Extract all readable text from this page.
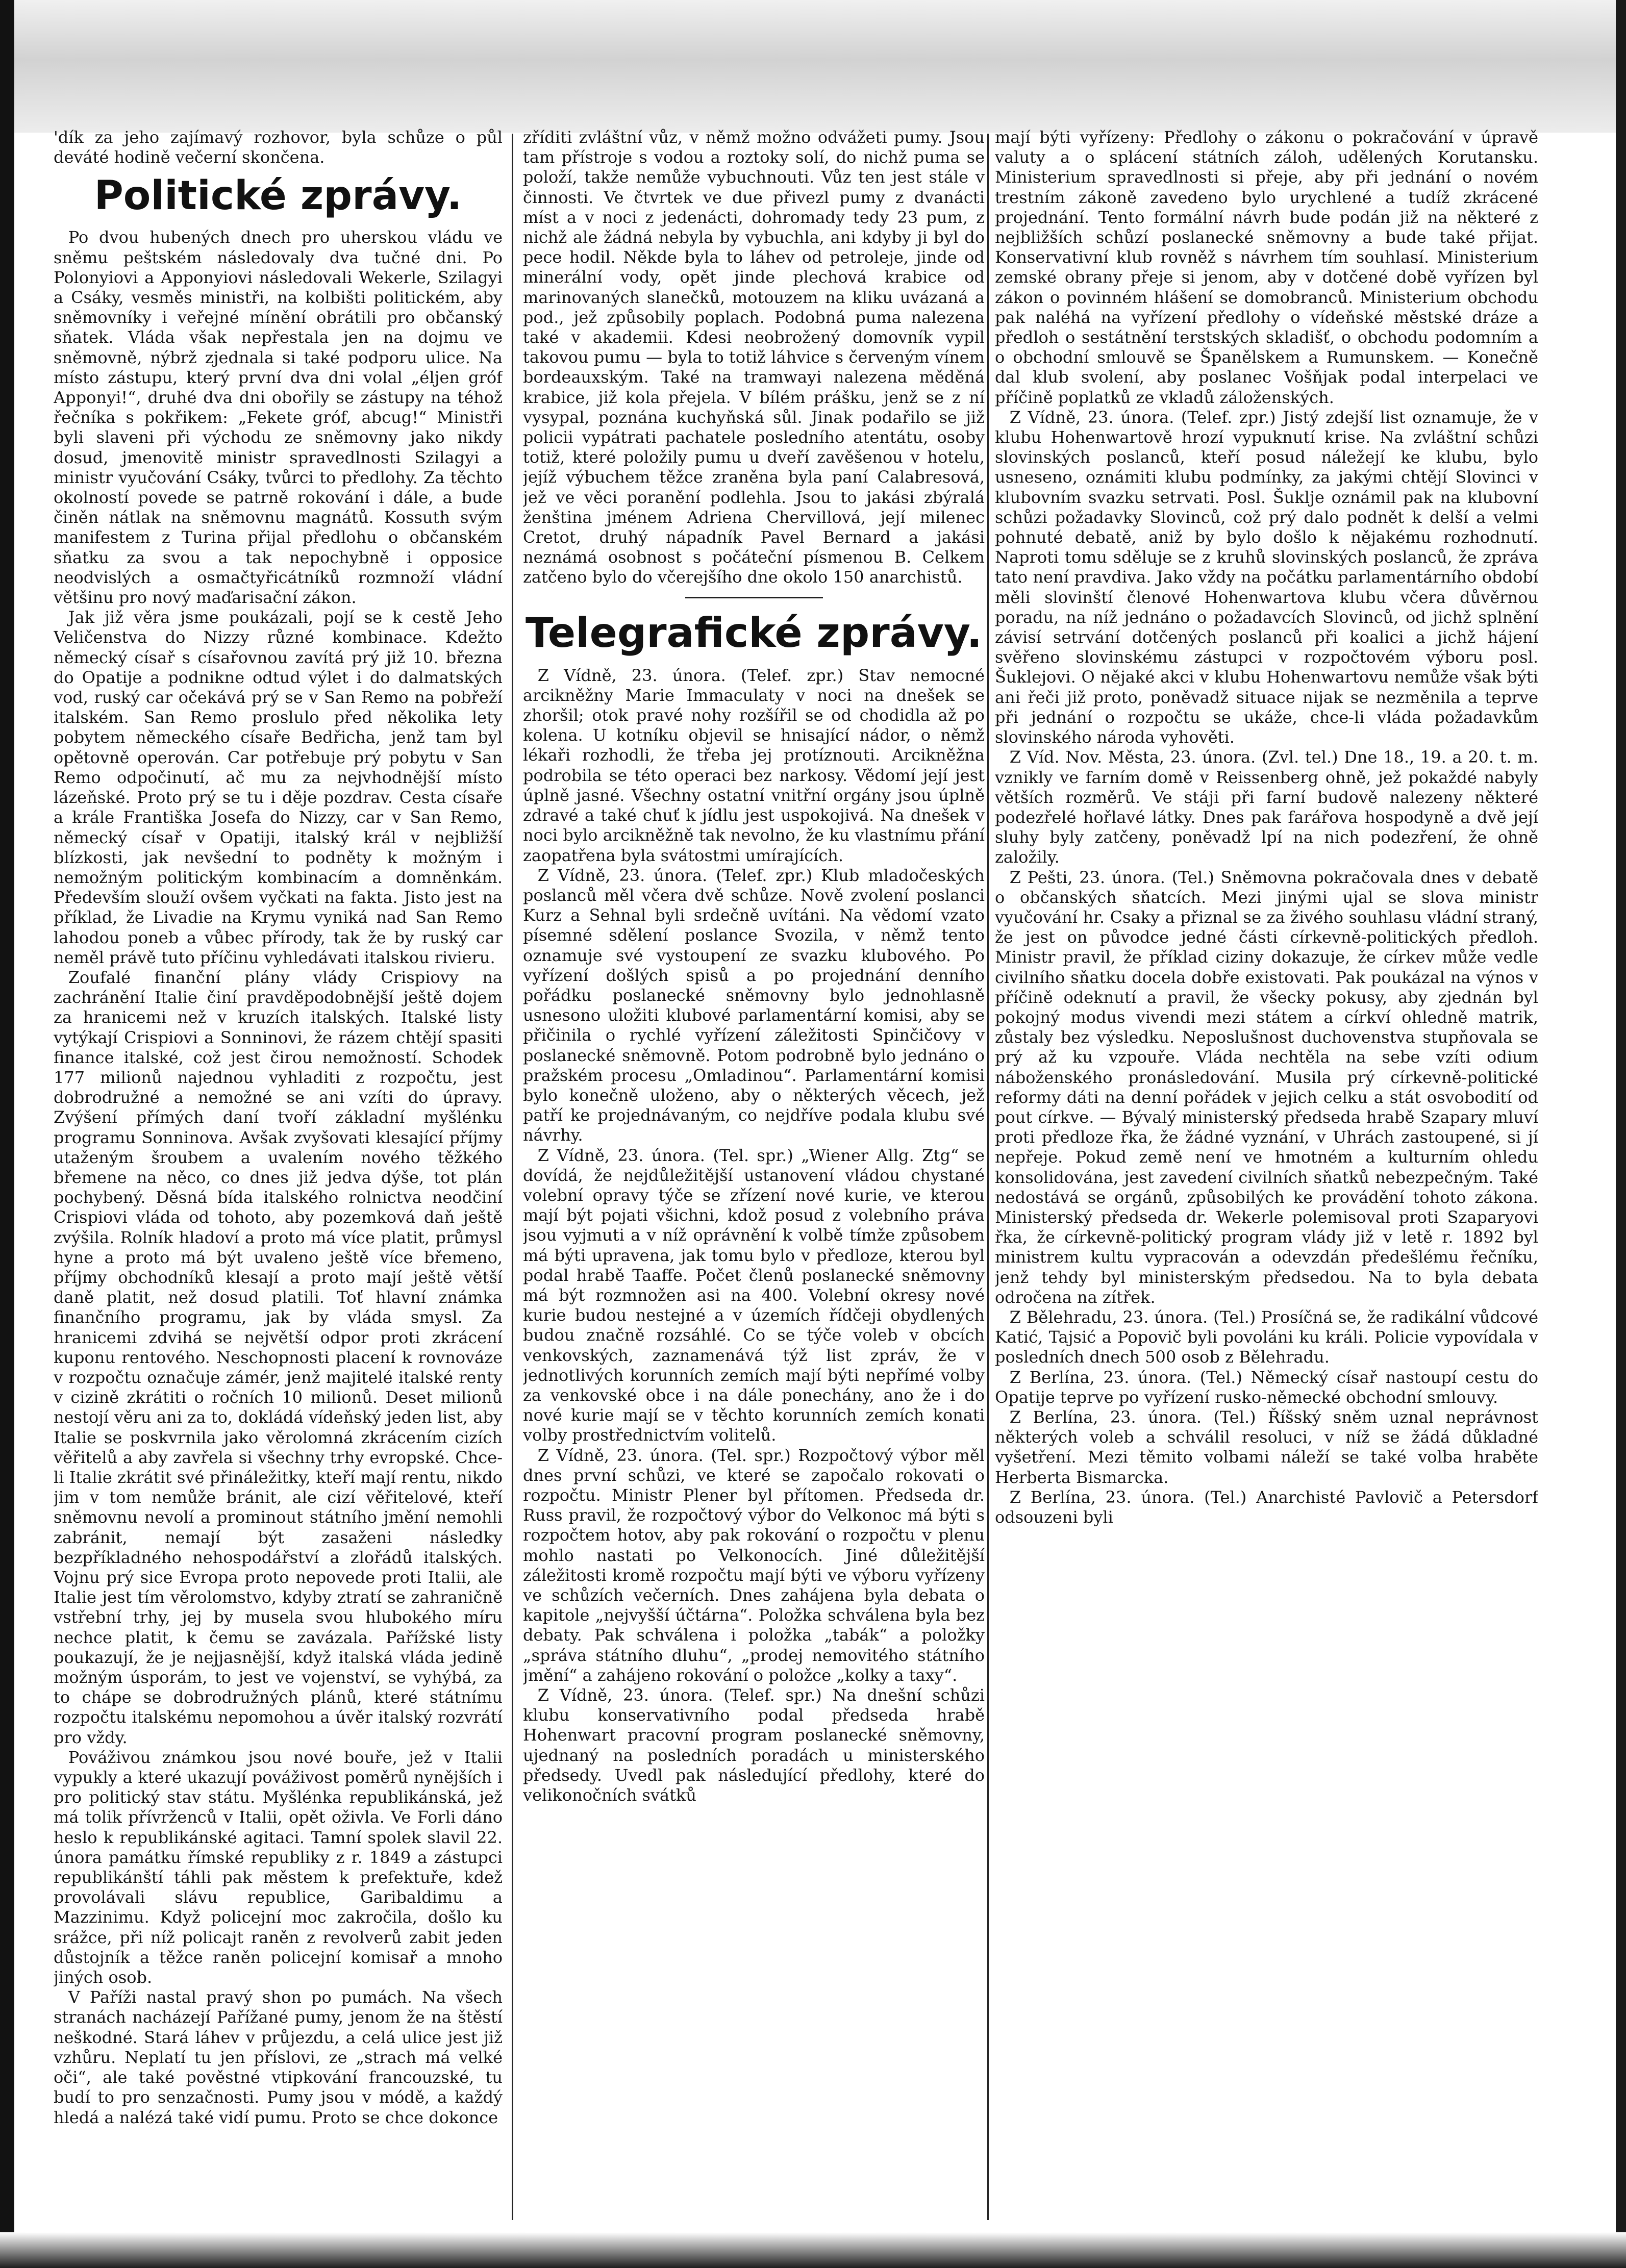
'dík za jeho zajímavý rozhovor, byla schůze o půl deváté hodině večerní skončena.

Politické zprávy.

Po dvou hubených dnech pro uherskou vládu ve sněmu peštském následovaly dva tučné dni. Po Polonyiovi a Apponyiovi následovali Wekerle, Szilagyi a Csáky, vesměs ministři, na kolbišti politickém, aby sněmovníky i veřejné mínění obrátili pro občanský sňatek. Vláda však nepřestala jen na dojmu ve sněmovně, nýbrž zjednala si také podporu ulice. Na místo zástupu, který první dva dni volal „éljen gróf Apponyi!“, druhé dva dni obořily se zástupy na téhož řečníka s pokřikem: „Fekete gróf, abcug!“ Ministři byli slaveni při východu ze sněmovny jako nikdy dosud, jmenovitě ministr spravedlnosti Szilagyi a ministr vyučování Csáky, tvůrci to předlohy. Za těchto okolností povede se patrně rokování i dále, a bude činěn nátlak na sněmovnu magnátů. Kossuth svým manifestem z Turina přijal předlohu o občanském sňatku za svou a tak nepochybně i opposice neodvislých a osmačtyřicátníků rozmnoží vládní většinu pro nový maďarisační zákon.

Jak již věra jsme poukázali, pojí se k cestě Jeho Veličenstva do Nizzy různé kombinace. Kdežto německý císař s císařovnou zavítá prý již 10. března do Opatije a podnikne odtud výlet i do dalmatských vod, ruský car očekává prý se v San Remo na pobřeží italském. San Remo proslulo před několika lety pobytem německého císaře Bedřicha, jenž tam byl opětovně operován. Car potřebuje prý pobytu v San Remo odpočinutí, ač mu za nejvhodnější místo lázeňské. Proto prý se tu i děje pozdrav. Cesta císaře a krále Františka Josefa do Nizzy, car v San Remo, německý císař v Opatiji, italský král v nejbližší blízkosti, jak nevšední to podněty k možným i nemožným politickým kombinacím a domněnkám. Především slouží ovšem vyčkati na fakta. Jisto jest na příklad, že Livadie na Krymu vyniká nad San Remo lahodou poneb a vůbec přírody, tak že by ruský car neměl právě tuto příčinu vyhledávati italskou rivieru.

Zoufalé finanční plány vlády Crispiovy na zachránění Italie činí pravděpodobnější ještě dojem za hranicemi než v kruzích italských. Italské listy vytýkají Crispiovi a Sonninovi, že rázem chtějí spasiti finance italské, což jest čirou nemožností. Schodek 177 milionů najednou vyhladiti z rozpočtu, jest dobrodružné a nemožné se ani vzíti do úpravy. Zvýšení přímých daní tvoří základní myšlénku programu Sonninova. Avšak zvyšovati klesající příjmy utaženým šroubem a uvalením nového těžkého břemene na něco, co dnes již jedva dýše, tot plán pochybený. Děsná bída italského rolnictva neodčiní Crispiovi vláda od tohoto, aby pozemková daň ještě zvýšila. Rolník hladoví a proto má více platit, průmysl hyne a proto má být uvaleno ještě více břemeno, příjmy obchodníků klesají a proto mají ještě větší daně platit, než dosud platili. Toť hlavní známka finančního programu, jak by vláda smysl. Za hranicemi zdvihá se největší odpor proti zkrácení kuponu rentového. Neschopnosti placení k rovnováze v rozpočtu označuje zámér, jenž majitelé italské renty v cizině zkrátiti o ročních 10 milionů. Deset milionů nestojí věru ani za to, dokládá vídeňský jeden list, aby Italie se poskvrnila jako věrolomná zkrácením cizích věřitelů a aby zavřela si všechny trhy evropské. Chce-li Italie zkrátit své přináležitky, kteří mají rentu, nikdo jim v tom nemůže bránit, ale cizí věřitelové, kteří sněmovnu nevolí a prominout státního jmění nemohli zabránit, nemají být zasaženi následky bezpříkladného nehospodářství a zlořádů italských. Vojnu prý sice Evropa proto nepovede proti Italii, ale Italie jest tím věrolomstvo, kdyby ztratí se zahraničně vstřební trhy, jej by musela svou hlubokého míru nechce platit, k čemu se zavázala. Pařížské listy poukazují, že je nejjasnější, když italská vláda jedině možným úsporám, to jest ve vojenství, se vyhýbá, za to chápe se dobrodružných plánů, které státnímu rozpočtu italskému nepomohou a úvěr italský rozvrátí pro vždy.

Pováživou známkou jsou nové bouře, jež v Italii vypukly a které ukazují pováživost poměrů nynějších i pro politický stav státu. Myšlénka republikánská, jež má tolik přívrženců v Italii, opět oživla. Ve Forli dáno heslo k republikánské agitaci. Tamní spolek slavil 22. února památku římské republiky z r. 1849 a zástupci republikánští táhli pak městem k prefektuře, kdež provolávali slávu republice, Garibaldimu a Mazzinimu. Když policejní moc zakročila, došlo ku srážce, při níž policajt raněn z revolverů zabit jeden důstojník a těžce raněn policejní komisař a mnoho jiných osob.

V Paříži nastal pravý shon po pumách. Na všech stranách nacházejí Pařížané pumy, jenom že na štěstí neškodné. Stará láhev v průjezdu, a celá ulice jest již vzhůru. Neplatí tu jen příslovi, ze „strach má velké oči“, ale také pověstné vtipkování francouzské, tu budí to pro senzačnosti. Pumy jsou v módě, a každý hledá a nalézá také vidí pumu. Proto se chce dokonce

zříditi zvláštní vůz, v němž možno odvážeti pumy. Jsou tam přístroje s vodou a roztoky solí, do nichž puma se položí, takže nemůže vybuchnouti. Vůz ten jest stále v činnosti. Ve čtvrtek ve due přivezl pumy z dvanácti míst a v noci z jedenácti, dohromady tedy 23 pum, z nichž ale žádná nebyla by vybuchla, ani kdyby ji byl do pece hodil. Někde byla to láhev od petroleje, jinde od minerální vody, opět jinde plechová krabice od marinovaných slanečků, motouzem na kliku uvázaná a pod., jež způsobily poplach. Podobná puma nalezena také v akademii. Kdesi neobrožený domovník vypil takovou pumu — byla to totiž láhvice s červeným vínem bordeauxským. Také na tramwayi nalezena měděná krabice, již kola přejela. V bílém prášku, jenž se z ní vysypal, poznána kuchyňská sůl. Jinak podařilo se již policii vypátrati pachatele posledního atentátu, osoby totiž, které položily pumu u dveří zavěšenou v hotelu, jejíž výbuchem těžce zraněna byla paní Calabresová, jež ve věci poranění podlehla. Jsou to jakási zbýralá ženština jménem Adriena Chervillová, její milenec Cretot, druhý nápadník Pavel Bernard a jakási neznámá osobnost s počáteční písmenou B. Celkem zatčeno bylo do včerejšího dne okolo 150 anarchistů.

Telegrafické zprávy.

Z Vídně, 23. února. (Telef. zpr.) Stav nemocné arcikněžny Marie Immaculaty v noci na dnešek se zhoršil; otok pravé nohy rozšířil se od chodidla až po kolena. U kotníku objevil se hnisající nádor, o němž lékaři rozhodli, že třeba jej protíznouti. Arcikněžna podrobila se této operaci bez narkosy. Vědomí její jest úplně jasné. Všechny ostatní vnitřní orgány jsou úplně zdravé a také chuť k jídlu jest uspokojivá. Na dnešek v noci bylo arcikněžně tak nevolno, že ku vlastnímu přání zaopatřena byla svátostmi umírajících.

Z Vídně, 23. února. (Telef. zpr.) Klub mladočeských poslanců měl včera dvě schůze. Nově zvolení poslanci Kurz a Sehnal byli srdečně uvítáni. Na vědomí vzato písemné sdělení poslance Svozila, v němž tento oznamuje své vystoupení ze svazku klubového. Po vyřízení došlých spisů a po projednání denního pořádku poslanecké sněmovny bylo jednohlasně usnesono uložiti klubové parlamentární komisi, aby se přičinila o rychlé vyřízení záležitosti Spinčičovy v poslanecké sněmovně. Potom podrobně bylo jednáno o pražském procesu „Omladinou“. Parlamentární komisi bylo konečně uloženo, aby o některých věcech, jež patří ke projednávaným, co nejdříve podala klubu své návrhy.

Z Vídně, 23. února. (Tel. spr.) „Wiener Allg. Ztg“ se dovídá, že nejdůležitější ustanovení vládou chystané volební opravy týče se zřízení nové kurie, ve kterou mají být pojati všichni, kdož posud z volebního práva jsou vyjmuti a v níž oprávnění k volbě tímže způsobem má býti upravena, jak tomu bylo v předloze, kterou byl podal hrabě Taaffe. Počet členů poslanecké sněmovny má být rozmnožen asi na 400. Volební okresy nové kurie budou nestejné a v územích řídčeji obydlených budou značně rozsáhlé. Co se týče voleb v obcích venkovských, zaznamenává týž list zpráv, že v jednotlivých korunních zemích mají býti nepřímé volby za venkovské obce i na dále ponechány, ano že i do nové kurie mají se v těchto korunních zemích konati volby prostřednictvím volitelů.

Z Vídně, 23. února. (Tel. spr.) Rozpočtový výbor měl dnes první schůzi, ve které se započalo rokovati o rozpočtu. Ministr Plener byl přítomen. Předseda dr. Russ pravil, že rozpočtový výbor do Velkonoc má býti s rozpočtem hotov, aby pak rokování o rozpočtu v plenu mohlo nastati po Velkonocích. Jiné důležitější záležitosti kromě rozpočtu mají býti ve výboru vyřízeny ve schůzích večerních. Dnes zahájena byla debata o kapitole „nejvyšší účtárna“. Položka schválena byla bez debaty. Pak schválena i položka „tabák“ a položky „správa státního dluhu“, „prodej nemovitého státního jmění“ a zahájeno rokování o položce „kolky a taxy“.

Z Vídně, 23. února. (Telef. spr.) Na dnešní schůzi klubu konservativního podal předseda hrabě Hohenwart pracovní program poslanecké sněmovny, ujednaný na posledních poradách u ministerského předsedy. Uvedl pak následující předlohy, které do velikonočních svátků

mají býti vyřízeny: Předlohy o zákonu o pokračování v úpravě valuty a o splácení státních záloh, udělených Korutansku. Ministerium spravedlnosti si přeje, aby při jednání o novém trestním zákoně zavedeno bylo urychlené a tudíž zkrácené projednání. Tento formální návrh bude podán již na některé z nejbližších schůzí poslanecké sněmovny a bude také přijat. Konservativní klub rovněž s návrhem tím souhlasí. Ministerium zemské obrany přeje si jenom, aby v dotčené době vyřízen byl zákon o povinném hlášení se domobranců. Ministerium obchodu pak naléhá na vyřízení předlohy o vídeňské městské dráze a předloh o sestátnění terstských skladišť, o obchodu podomním a o obchodní smlouvě se Španělskem a Rumunskem. — Konečně dal klub svolení, aby poslanec Vošňjak podal interpelaci ve příčině poplatků ze vkladů záloženských.

Z Vídně, 23. února. (Telef. zpr.) Jistý zdejší list oznamuje, že v klubu Hohenwartově hrozí vypuknutí krise. Na zvláštní schůzi slovinských poslanců, kteří posud náležejí ke klubu, bylo usneseno, oznámiti klubu podmínky, za jakými chtějí Slovinci v klubovním svazku setrvati. Posl. Šuklje oznámil pak na klubovní schůzi požadavky Slovinců, což prý dalo podnět k delší a velmi pohnuté debatě, aniž by bylo došlo k nějakému rozhodnutí. Naproti tomu sděluje se z kruhů slovinských poslanců, že zpráva tato není pravdiva. Jako vždy na počátku parlamentárního období měli slovinští členové Hohenwartova klubu včera důvěrnou poradu, na níž jednáno o požadavcích Slovinců, od jichž splnění závisí setrvání dotčených poslanců při koalici a jichž hájení svěřeno slovinskému zástupci v rozpočtovém výboru posl. Šuklejovi. O nějaké akci v klubu Hohenwartovu nemůže však býti ani řeči již proto, poněvadž situace nijak se nezměnila a teprve při jednání o rozpočtu se ukáže, chce-li vláda požadavkům slovinského národa vyhověti.

Z Víd. Nov. Města, 23. února. (Zvl. tel.) Dne 18., 19. a 20. t. m. vznikly ve farním domě v Reissenberg ohně, jež pokaždé nabyly větších rozměrů. Ve stáji při farní budově nalezeny některé podezřelé hořlavé látky. Dnes pak farářova hospodyně a dvě její sluhy byly zatčeny, poněvadž lpí na nich podezření, že ohně založily.

Z Pešti, 23. února. (Tel.) Sněmovna pokračovala dnes v debatě o občanských sňatcích. Mezi jinými ujal se slova ministr vyučování hr. Csaky a přiznal se za živého souhlasu vládní straný, že jest on původce jedné části církevně-politických předloh. Ministr pravil, že příklad ciziny dokazuje, že církev může vedle civilního sňatku docela dobře existovati. Pak poukázal na výnos v příčině odeknutí a pravil, že všecky pokusy, aby zjednán byl pokojný modus vivendi mezi státem a církví ohledně matrik, zůstaly bez výsledku. Neposlušnost duchovenstva stupňovala se prý až ku vzpouře. Vláda nechtěla na sebe vzíti odium náboženského pronásledování. Musila prý církevně-politické reformy dáti na denní pořádek v jejich celku a stát osvobodití od pout církve. — Bývalý ministerský předseda hrabě Szapary mluví proti předloze řka, že žádné vyznání, v Uhrách zastoupené, si jí nepřeje. Pokud země není ve hmotném a kulturním ohledu konsolidována, jest zavedení civilních sňatků nebezpečným. Také nedostává se orgánů, způsobilých ke provádění tohoto zákona. Ministerský předseda dr. Wekerle polemisoval proti Szaparyovi řka, že církevně-politický program vlády již v letě r. 1892 byl ministrem kultu vypracován a odevzdán předešlému řečníku, jenž tehdy byl ministerským předsedou. Na to byla debata odročena na zítřek.

Z Bělehradu, 23. února. (Tel.) Prosíčná se, že radikální vůdcové Katić, Tajsić a Popovič byli povoláni ku králi. Policie vypovídala v posledních dnech 500 osob z Bělehradu.

Z Berlína, 23. února. (Tel.) Německý císař nastoupí cestu do Opatije teprve po vyřízení rusko-německé obchodní smlouvy.

Z Berlína, 23. února. (Tel.) Říšský sněm uznal neprávnost některých voleb a schválil resoluci, v níž se žádá důkladné vyšetření. Mezi těmito volbami náleží se také volba hraběte Herberta Bismarcka.

Z Berlína, 23. února. (Tel.) Anarchisté Pavlovič a Petersdorf odsouzeni byli
